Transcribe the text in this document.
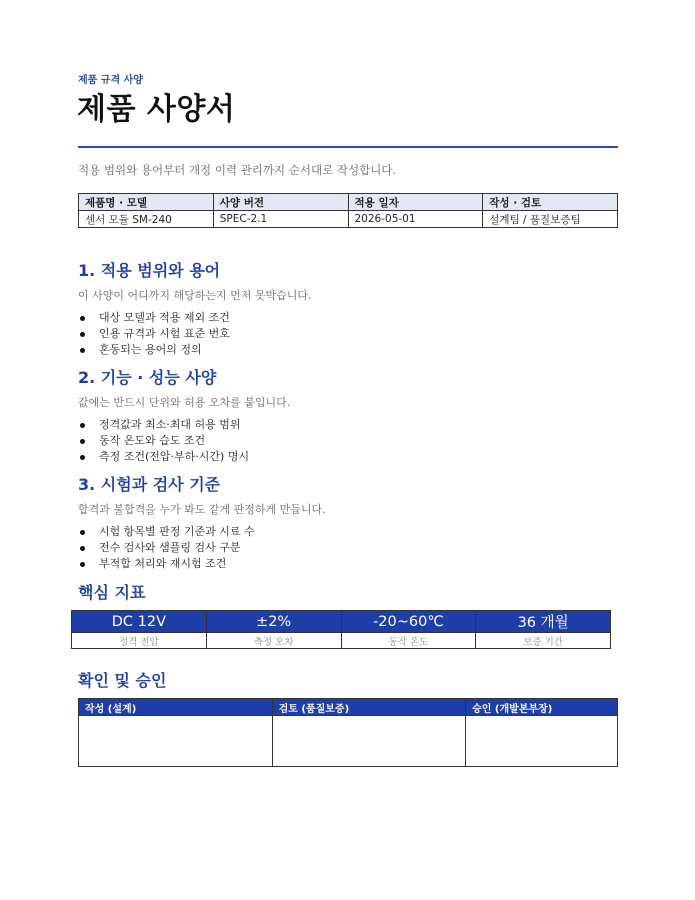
제품 규격 사양
제품 사양서
적용 범위와 용어부터 개정 이력 관리까지 순서대로 작성합니다.
제품명 · 모델	사양 버전	적용 일자	작성 · 검토
센서 모듈 SM-240	SPEC-2.1	2026-05-01	설계팀 / 품질보증팀
1. 적용 범위와 용어
이 사양이 어디까지 해당하는지 먼저 못박습니다.
대상 모델과 적용 제외 조건
인용 규격과 시험 표준 번호
혼동되는 용어의 정의
2. 기능 · 성능 사양
값에는 반드시 단위와 허용 오차를 붙입니다.
정격값과 최소·최대 허용 범위
동작 온도와 습도 조건
측정 조건(전압·부하·시간) 명시
3. 시험과 검사 기준
합격과 불합격을 누가 봐도 같게 판정하게 만듭니다.
시험 항목별 판정 기준과 시료 수
전수 검사와 샘플링 검사 구분
부적합 처리와 재시험 조건
핵심 지표
DC 12V	±2%	-20~60℃	36 개월
정격 전압	측정 오차	동작 온도	보증 기간
확인 및 승인
작성 (설계)	검토 (품질보증)	승인 (개발본부장)
